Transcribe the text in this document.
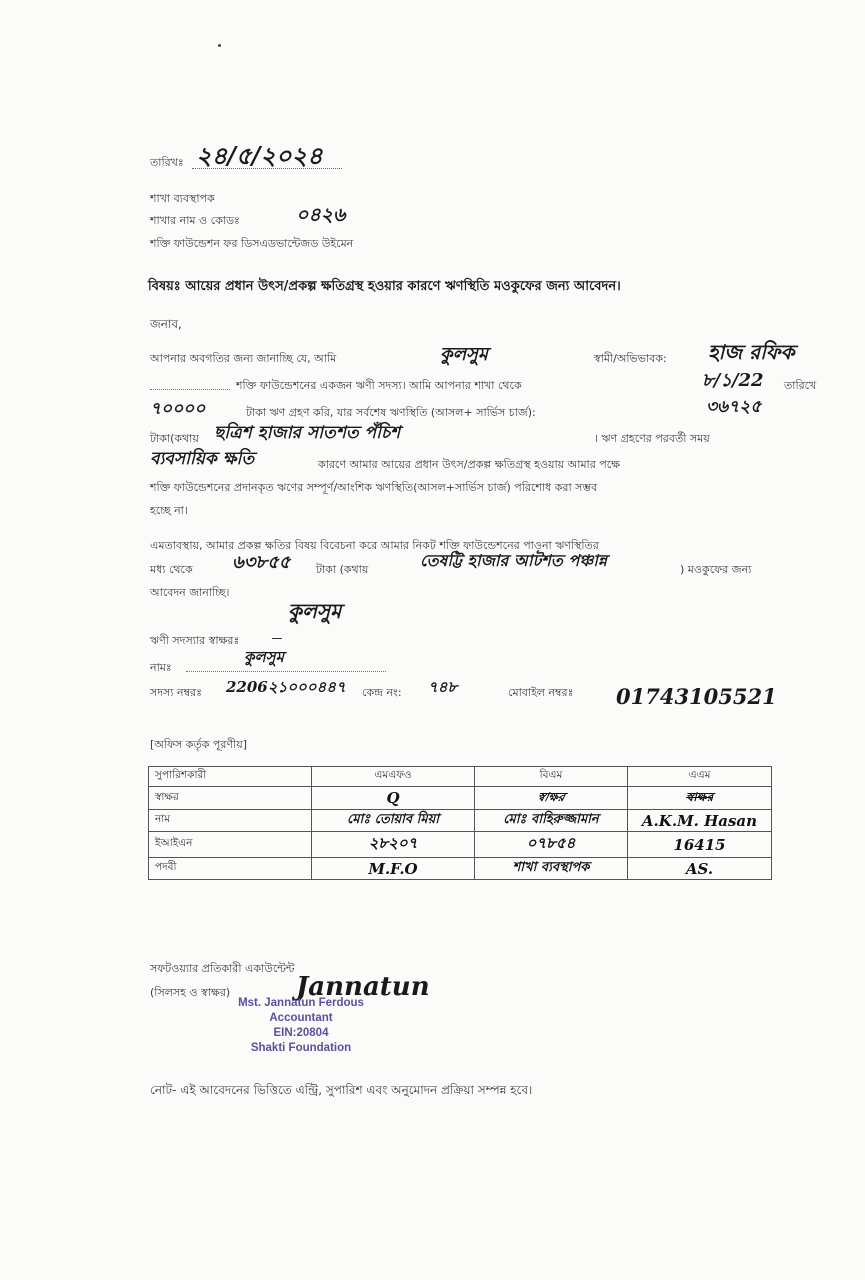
তারিখঃ ২৪/৫/২০২৪
শাখা ব্যবস্থাপক
শাখার নাম ও কোডঃ	০৪২৬
শক্তি ফাউন্ডেশন ফর ডিসএডভান্টেজড উইমেন
বিষয়ঃ আয়ের প্রধান উৎস/প্রকল্প ক্ষতিগ্রস্থ হওয়ার কারণে ঋণস্থিতি মওকুফের জন্য আবেদন।
জনাব,
আপনার অবগতির জন্য জানাচ্ছি যে, আমি	কুলসুম	স্বামী/অভিভাবক: হাজ রফিক
শক্তি ফাউন্ডেশনের একজন ঋণী সদস্য। আমি আপনার শাখা থেকে	৮/১/22 তারিখে
৭০০০০	টাকা ঋণ গ্রহণ করি, যার সর্বশেষ ঋণস্থিতি (আসল+ সার্ভিস চার্জ):	৩৬৭২৫
টাকা(কথায় ছত্রিশ হাজার সাতশত পঁচিশ	। ঋণ গ্রহণের পরবর্তী সময়
ব্যবসায়িক ক্ষতি	কারণে আমার আয়ের প্রধান উৎস/প্রকল্প ক্ষতিগ্রস্থ হওয়ায় আমার পক্ষে
শক্তি ফাউন্ডেশনের প্রদানকৃত ঋণের সম্পূর্ণ/আংশিক ঋণস্থিতি(আসল+সার্ভিস চার্জ) পরিশোধ করা সম্ভব
হচ্ছে না।
এমতাবস্থায়, আমার প্রকল্প ক্ষতির বিষয় বিবেচনা করে আমার নিকট শক্তি ফাউন্ডেশনের পাওনা ঋণস্থিতির
মধ্য থেকে ৬৩৮৫৫ টাকা (কথায়	তেষট্টি হাজার আটশত পঞ্চান্ন	) মওকুফের জন্য
আবেদন জানাচ্ছি।
কুলসুম
ঋণী সদস্যার স্বাক্ষরঃ
নামঃ
কুলসুম
সদস্য নম্বরঃ 2206২১০০০৪৪৭ কেন্দ্র নং: ৭৪৮	মোবাইল নম্বরঃ 01743105521
[অফিস কর্তৃক পূরণীয়]
সুপারিশকারী	এমএফও	বিএম	এএম
স্বাক্ষর	Q	স্বাক্ষর	স্বাক্ষর
নাম	মোঃ তোয়াব মিয়া	মোঃ বাহিরুজ্জামান	A.K.M. Hasan
ইআইএন	২৮২০৭	০৭৮৫৪	16415
পদবী	M.F.O	শাখা ব্যবস্থাপক	AS.
সফটওয়্যার প্রতিকারী একাউন্টেন্ট
(সিলসহ ও স্বাক্ষর)	Jannatun
Mst. Jannatun Ferdous
Accountant
EIN:20804
Shakti Foundation
নোট- এই আবেদনের ভিত্তিতে এন্ট্রি, সুপারিশ এবং অনুমোদন প্রক্রিয়া সম্পন্ন হবে।
